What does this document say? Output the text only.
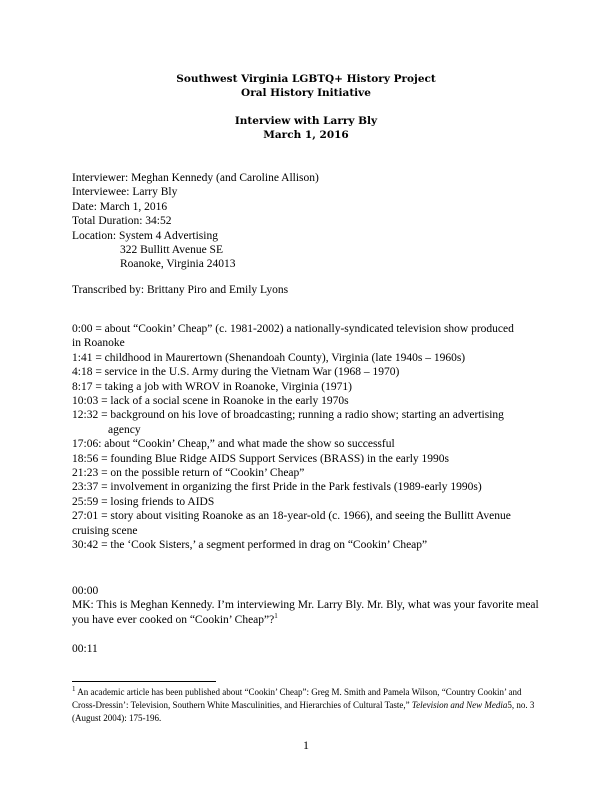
Southwest Virginia LGBTQ+ History Project
Oral History Initiative
Interview with Larry Bly
March 1, 2016
Interviewer: Meghan Kennedy (and Caroline Allison)
Interviewee: Larry Bly
Date: March 1, 2016
Total Duration: 34:52
Location: System 4 Advertising
322 Bullitt Avenue SE
Roanoke, Virginia 24013
Transcribed by: Brittany Piro and Emily Lyons
0:00 = about “Cookin’ Cheap” (c. 1981-2002) a nationally-syndicated television show produced
in Roanoke
1:41 = childhood in Maurertown (Shenandoah County), Virginia (late 1940s – 1960s)
4:18 = service in the U.S. Army during the Vietnam War (1968 – 1970)
8:17 = taking a job with WROV in Roanoke, Virginia (1971)
10:03 = lack of a social scene in Roanoke in the early 1970s
12:32 = background on his love of broadcasting; running a radio show; starting an advertising
agency
17:06: about “Cookin’ Cheap,” and what made the show so successful
18:56 = founding Blue Ridge AIDS Support Services (BRASS) in the early 1990s
21:23 = on the possible return of “Cookin’ Cheap”
23:37 = involvement in organizing the first Pride in the Park festivals (1989-early 1990s)
25:59 = losing friends to AIDS
27:01 = story about visiting Roanoke as an 18-year-old (c. 1966), and seeing the Bullitt Avenue
cruising scene
30:42 = the ‘Cook Sisters,’ a segment performed in drag on “Cookin’ Cheap”

00:00

MK: This is Meghan Kennedy. I’m interviewing Mr. Larry Bly. Mr. Bly, what was your favorite meal you have ever cooked on “Cookin’ Cheap”?$^1$

00:11

$^1$ An academic article has been published about “Cookin’ Cheap”: Greg M. Smith and Pamela Wilson, “Country Cookin’ and Cross-Dressin’: Television, Southern White Masculinities, and Hierarchies of Cultural Taste,” Television and New Media5, no. 3 (August 2004): 175-196.
1
